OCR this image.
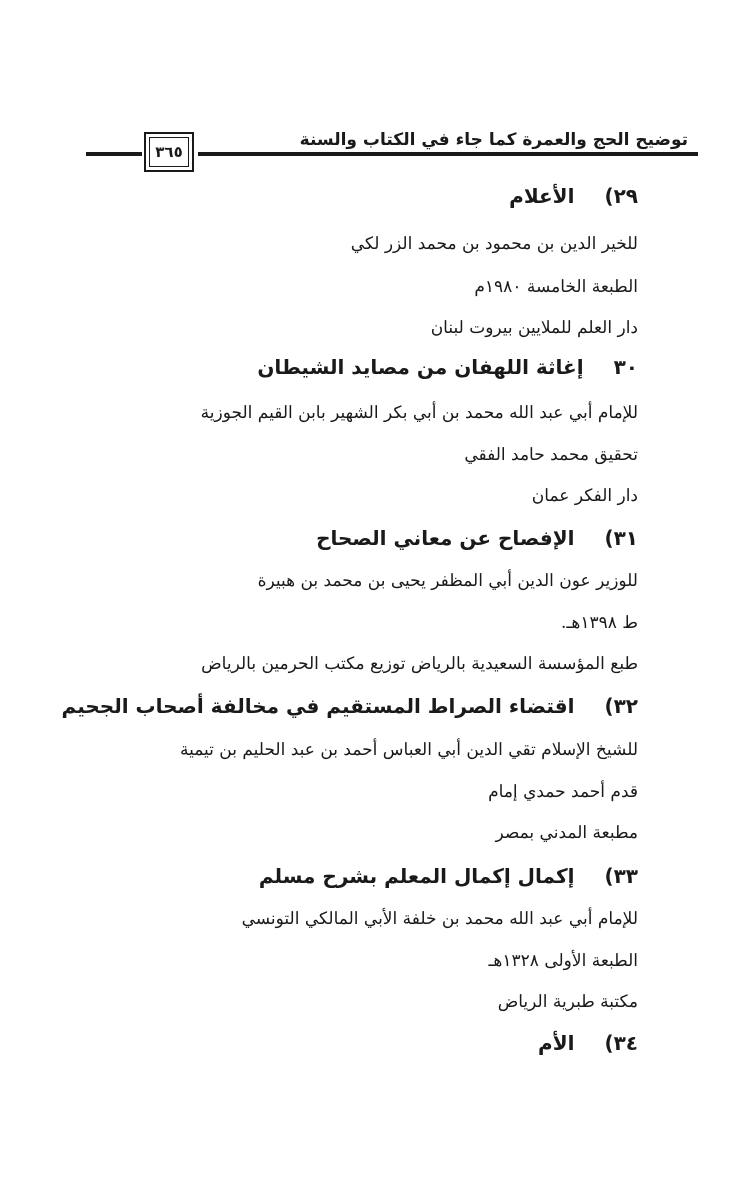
٣٦٥
توضيح الحج والعمرة كما جاء في الكتاب والسنة
٢٩)الأعلام
للخير الدين بن محمود بن محمد الزر لكي
الطبعة الخامسة ١٩٨٠م
دار العلم للملايين بيروت لبنان
٣٠إغاثة اللهفان من مصايد الشيطان
للإمام أبي عبد الله محمد بن أبي بكر الشهير بابن القيم الجوزية
تحقيق محمد حامد الفقي
دار الفكر عمان
٣١)الإفصاح عن معاني الصحاح
للوزير عون الدين أبي المظفر يحيى بن محمد بن هبيرة
ط ١٣٩٨هـ.
طبع المؤسسة السعيدية بالرياض توزيع مكتب الحرمين بالرياض
٣٢)اقتضاء الصراط المستقيم في مخالفة أصحاب الجحيم
للشيخ الإسلام تقي الدين أبي العباس أحمد بن عبد الحليم بن تيمية
قدم أحمد حمدي إمام
مطبعة المدني بمصر
٣٣)إكمال إكمال المعلم بشرح مسلم
للإمام أبي عبد الله محمد بن خلفة الأبي المالكي التونسي
الطبعة الأولى ١٣٢٨هـ
مكتبة طبرية الرياض
٣٤)الأم
